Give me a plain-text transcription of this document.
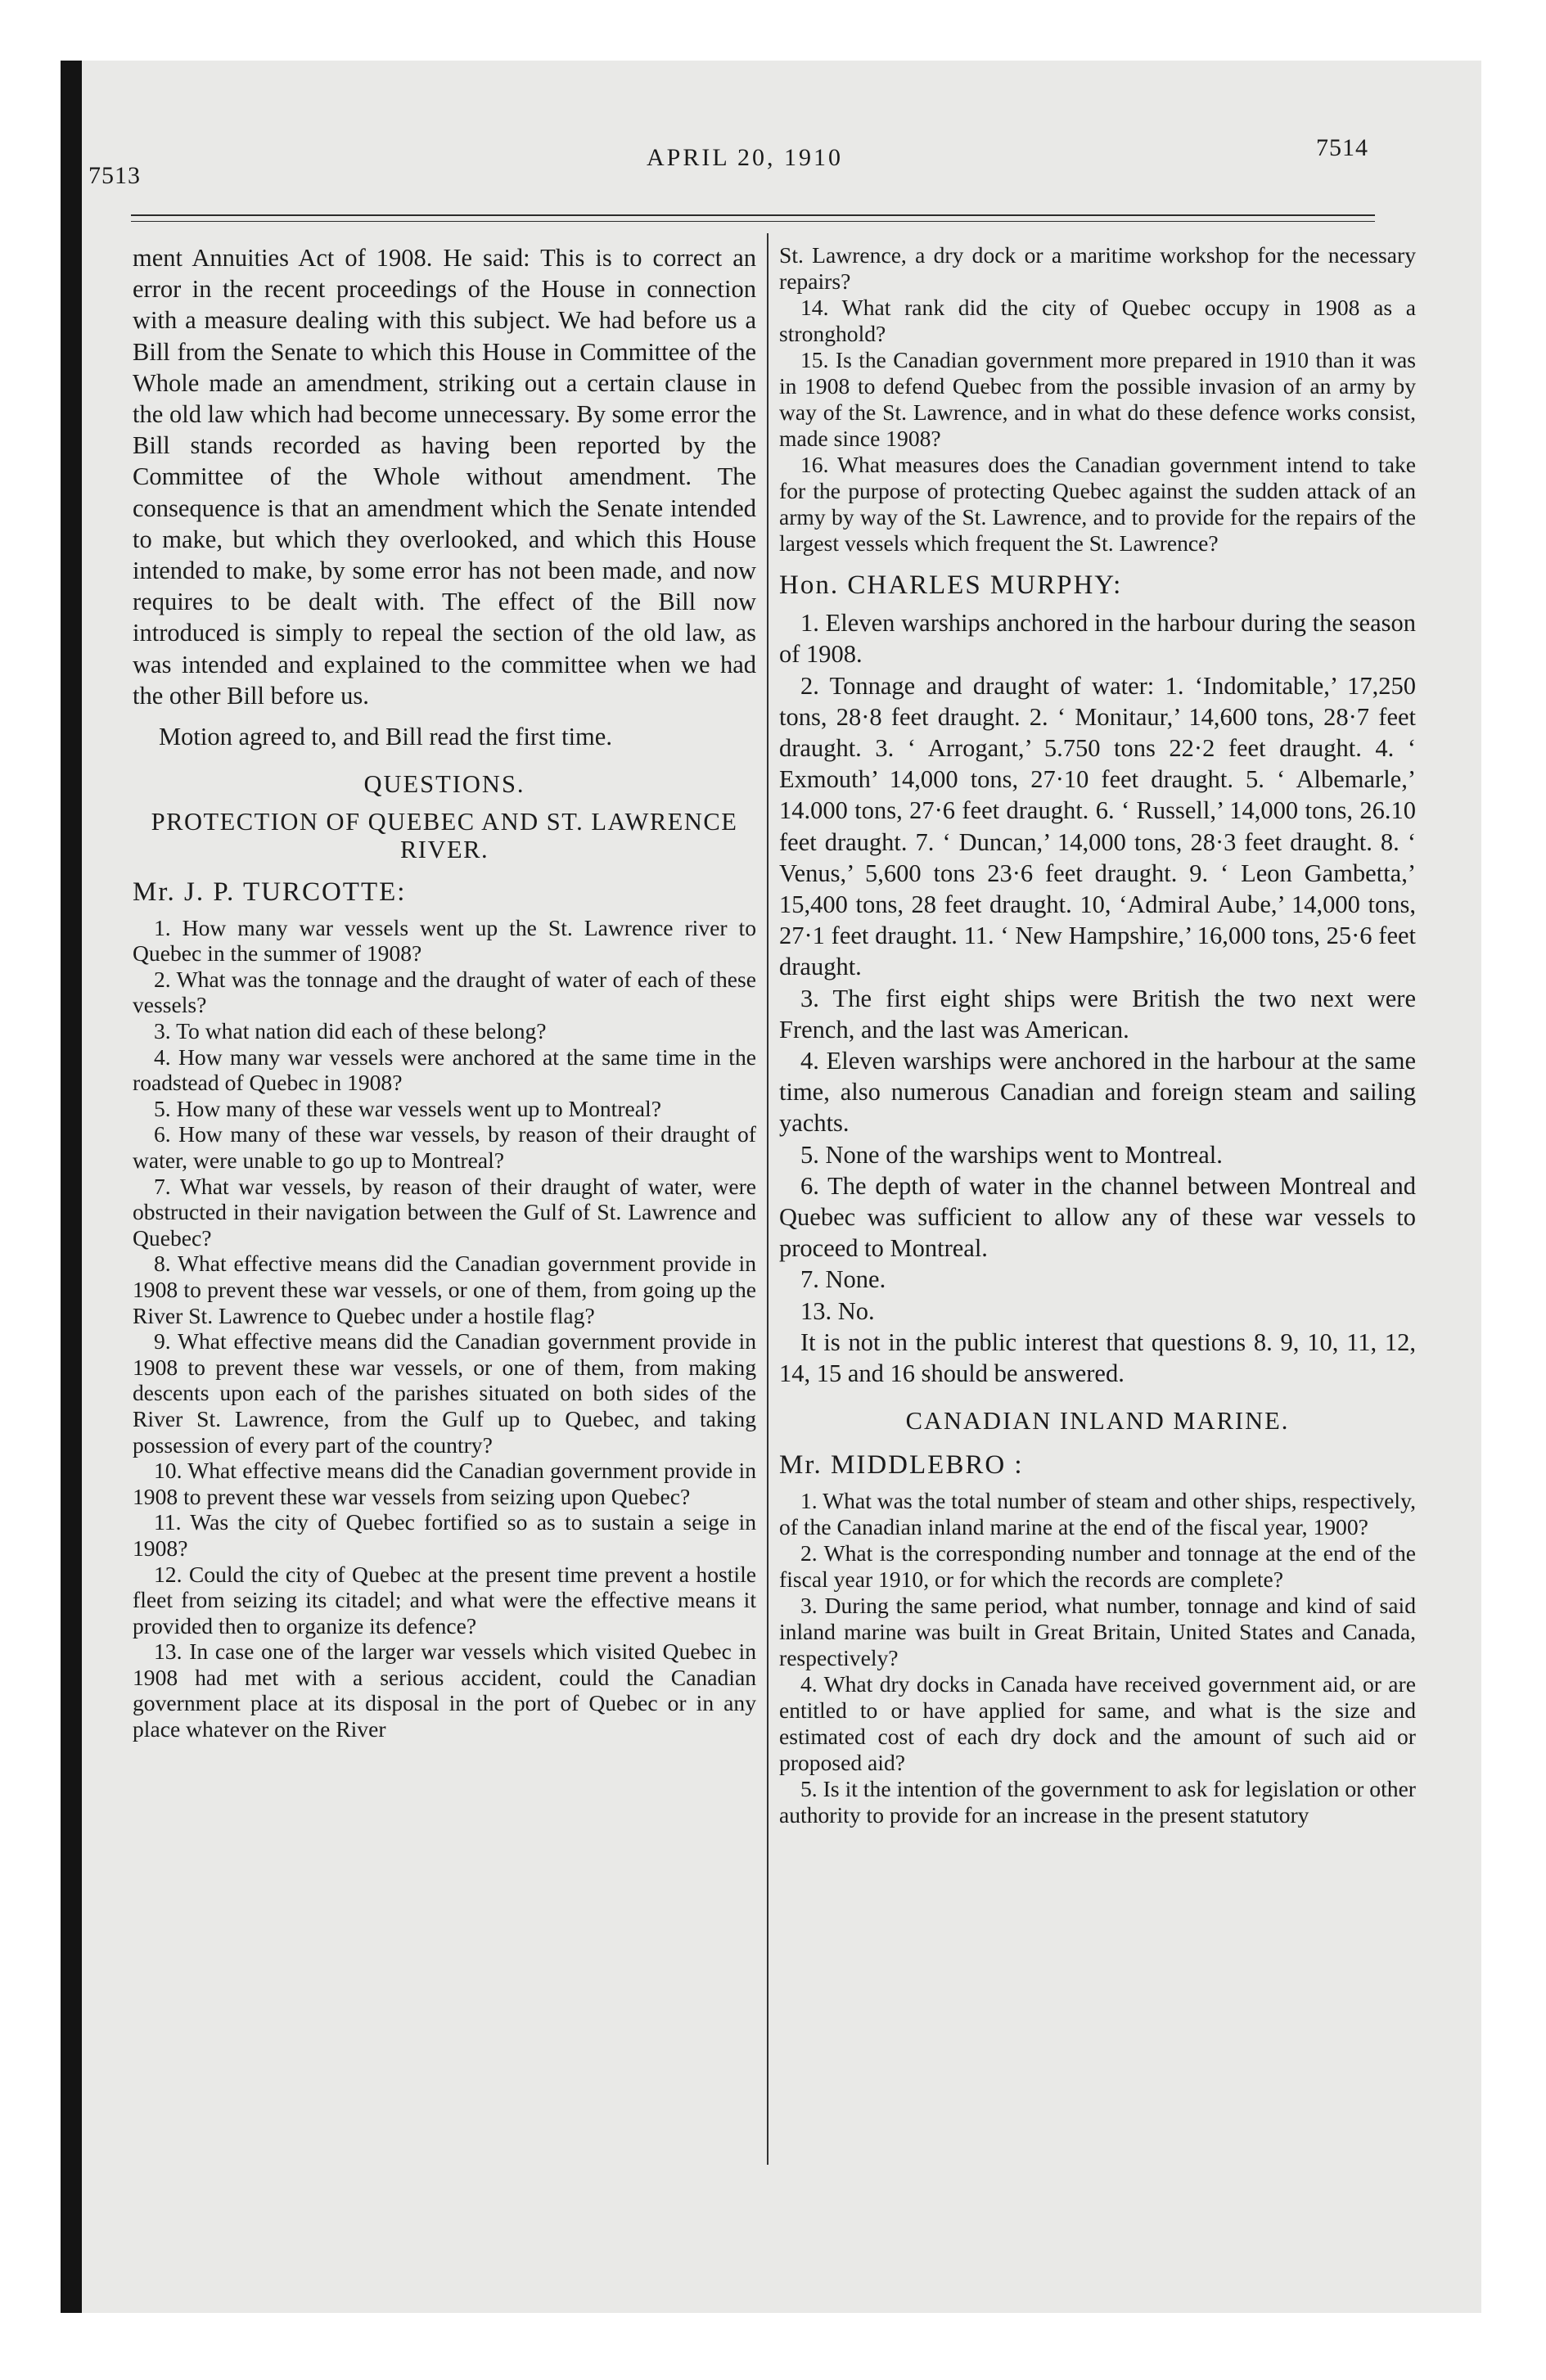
7513
APRIL 20, 1910	7514

ment Annuities Act of 1908. He said: This is to correct an error in the recent proceedings of the House in connection with a measure dealing with this subject. We had before us a Bill from the Senate to which this House in Committee of the Whole made an amendment, striking out a certain clause in the old law which had become unnecessary. By some error the Bill stands recorded as having been reported by the Committee of the Whole without amendment. The consequence is that an amendment which the Senate intended to make, but which they overlooked, and which this House intended to make, by some error has not been made, and now requires to be dealt with. The effect of the Bill now introduced is simply to repeal the section of the old law, as was intended and explained to the committee when we had the other Bill before us.

Motion agreed to, and Bill read the first time.

QUESTIONS.
PROTECTION OF QUEBEC AND ST. LAWRENCE RIVER.
Mr. J. P. TURCOTTE:

1. How many war vessels went up the St. Lawrence river to Quebec in the summer of 1908?

2. What was the tonnage and the draught of water of each of these vessels?

3. To what nation did each of these belong?

4. How many war vessels were anchored at the same time in the roadstead of Quebec in 1908?

5. How many of these war vessels went up to Montreal?

6. How many of these war vessels, by reason of their draught of water, were unable to go up to Montreal?

7. What war vessels, by reason of their draught of water, were obstructed in their navigation between the Gulf of St. Lawrence and Quebec?

8. What effective means did the Canadian government provide in 1908 to prevent these war vessels, or one of them, from going up the River St. Lawrence to Quebec under a hostile flag?

9. What effective means did the Canadian government provide in 1908 to prevent these war vessels, or one of them, from making descents upon each of the parishes situated on both sides of the River St. Lawrence, from the Gulf up to Quebec, and taking possession of every part of the country?

10. What effective means did the Canadian government provide in 1908 to prevent these war vessels from seizing upon Quebec?

11. Was the city of Quebec fortified so as to sustain a seige in 1908?

12. Could the city of Quebec at the present time prevent a hostile fleet from seizing its citadel; and what were the effective means it provided then to organize its defence?

13. In case one of the larger war vessels which visited Quebec in 1908 had met with a serious accident, could the Canadian government place at its disposal in the port of Quebec or in any place whatever on the River

St. Lawrence, a dry dock or a maritime workshop for the necessary repairs?

14. What rank did the city of Quebec occupy in 1908 as a stronghold?

15. Is the Canadian government more prepared in 1910 than it was in 1908 to defend Quebec from the possible invasion of an army by way of the St. Lawrence, and in what do these defence works consist, made since 1908?

16. What measures does the Canadian government intend to take for the purpose of protecting Quebec against the sudden attack of an army by way of the St. Lawrence, and to provide for the repairs of the largest vessels which frequent the St. Lawrence?

Hon. CHARLES MURPHY:

1. Eleven warships anchored in the harbour during the season of 1908.

2. Tonnage and draught of water: 1. ‘Indomitable,’ 17,250 tons, 28·8 feet draught. 2. ‘ Monitaur,’ 14,600 tons, 28·7 feet draught. 3. ‘ Arrogant,’ 5.750 tons 22·2 feet draught. 4. ‘ Exmouth’ 14,000 tons, 27·10 feet draught. 5. ‘ Albemarle,’ 14.000 tons, 27·6 feet draught. 6. ‘ Russell,’ 14,000 tons, 26.10 feet draught. 7. ‘ Duncan,’ 14,000 tons, 28·3 feet draught. 8. ‘ Venus,’ 5,600 tons 23·6 feet draught. 9. ‘ Leon Gambetta,’ 15,400 tons, 28 feet draught. 10, ‘Admiral Aube,’ 14,000 tons, 27·1 feet draught. 11. ‘ New Hampshire,’ 16,000 tons, 25·6 feet draught.

3. The first eight ships were British the two next were French, and the last was American.

4. Eleven warships were anchored in the harbour at the same time, also numerous Canadian and foreign steam and sailing yachts.

5. None of the warships went to Montreal.

6. The depth of water in the channel between Montreal and Quebec was sufficient to allow any of these war vessels to proceed to Montreal.

7. None.

13. No.

It is not in the public interest that questions 8. 9, 10, 11, 12, 14, 15 and 16 should be answered.

CANADIAN INLAND MARINE.
Mr. MIDDLEBRO :

1. What was the total number of steam and other ships, respectively, of the Canadian inland marine at the end of the fiscal year, 1900?

2. What is the corresponding number and tonnage at the end of the fiscal year 1910, or for which the records are complete?

3. During the same period, what number, tonnage and kind of said inland marine was built in Great Britain, United States and Canada, respectively?

4. What dry docks in Canada have received government aid, or are entitled to or have applied for same, and what is the size and estimated cost of each dry dock and the amount of such aid or proposed aid?

5. Is it the intention of the government to ask for legislation or other authority to provide for an increase in the present statutory
